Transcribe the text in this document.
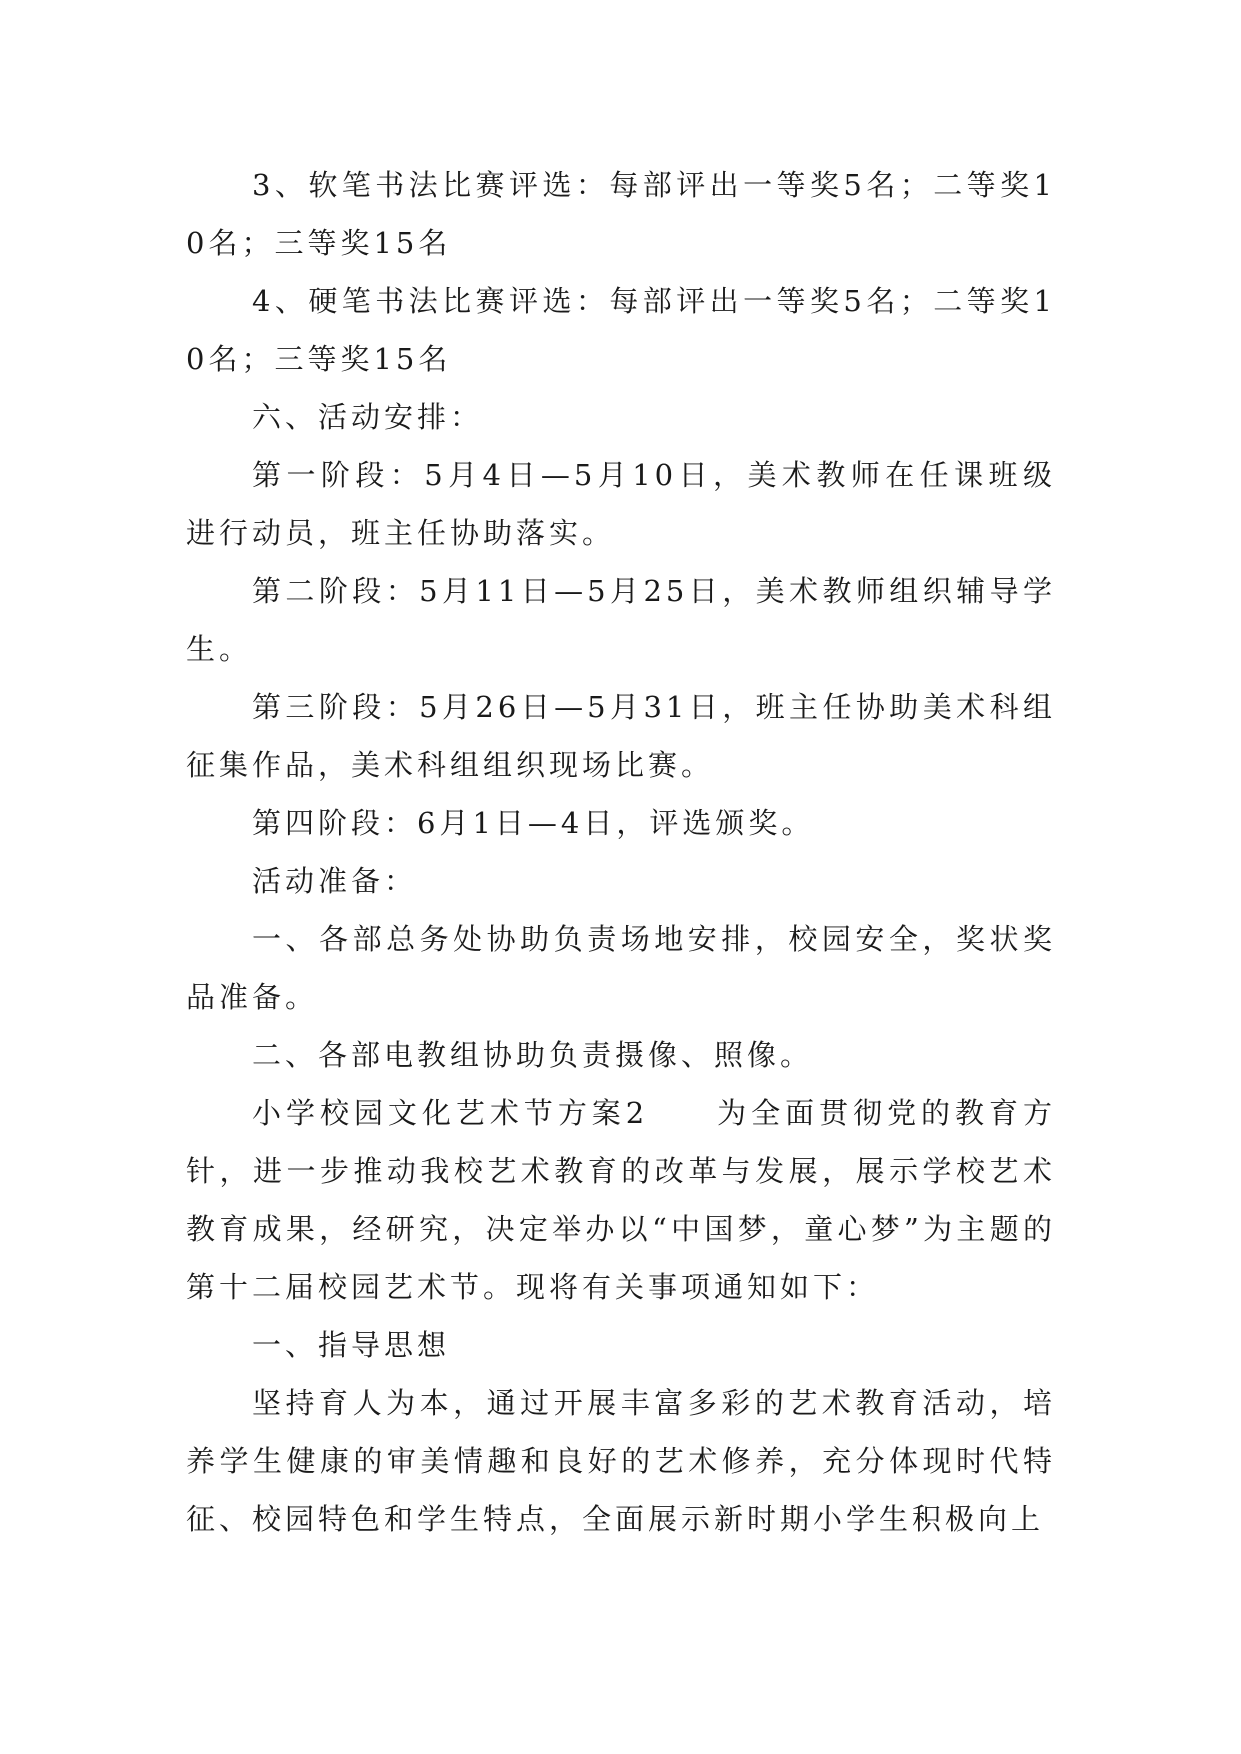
3、软笔书法比赛评选：每部评出一等奖5名；二等奖10名；三等奖15名

4、硬笔书法比赛评选：每部评出一等奖5名；二等奖10名；三等奖15名

六、活动安排：

第一阶段：5月4日—5月10日，美术教师在任课班级进行动员，班主任协助落实。

第二阶段：5月11日—5月25日，美术教师组织辅导学生。

第三阶段：5月26日—5月31日，班主任协助美术科组征集作品，美术科组组织现场比赛。

第四阶段：6月1日—4日，评选颁奖。

活动准备：

一、各部总务处协助负责场地安排，校园安全，奖状奖品准备。

二、各部电教组协助负责摄像、照像。

小学校园文化艺术节方案2　　为全面贯彻党的教育方针，进一步推动我校艺术教育的改革与发展，展示学校艺术教育成果，经研究，决定举办以“中国梦，童心梦”为主题的第十二届校园艺术节。现将有关事项通知如下：

一、指导思想

坚持育人为本，通过开展丰富多彩的艺术教育活动，培养学生健康的审美情趣和良好的艺术修养，充分体现时代特征、校园特色和学生特点，全面展示新时期小学生积极向上
